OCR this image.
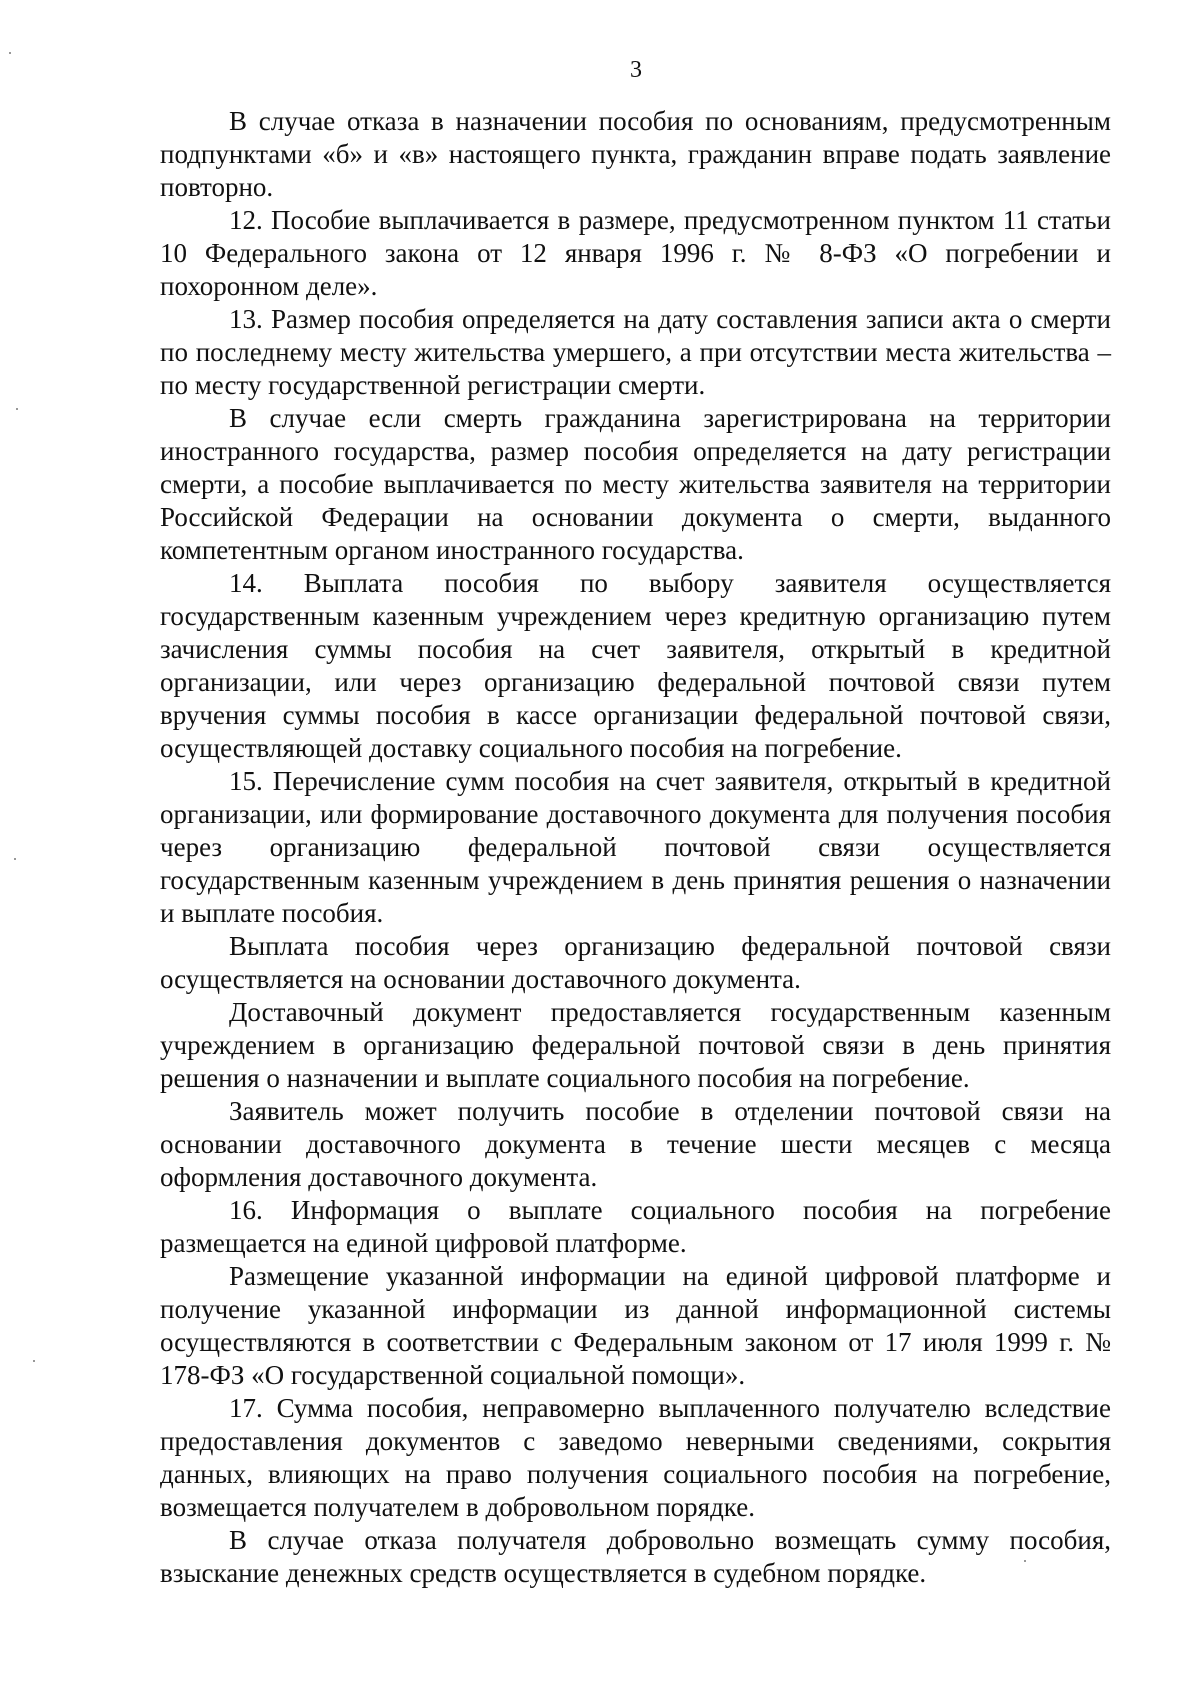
3

В случае отказа в назначении пособия по основаниям, предусмотренным подпунктами «б» и «в» настоящего пункта, гражданин вправе подать заявление повторно.

12. Пособие выплачивается в размере, предусмотренном пунктом 11 статьи 10 Федерального закона от 12 января 1996 г. № 8-ФЗ «О погребении и похоронном деле».

13. Размер пособия определяется на дату составления записи акта о смерти по последнему месту жительства умершего, а при отсутствии места жительства – по месту государственной регистрации смерти.

В случае если смерть гражданина зарегистрирована на территории иностранного государства, размер пособия определяется на дату регистрации смерти, а пособие выплачивается по месту жительства заявителя на территории Российской Федерации на основании документа о смерти, выданного компетентным органом иностранного государства.

14. Выплата пособия по выбору заявителя осуществляется государственным казенным учреждением через кредитную организацию путем зачисления суммы пособия на счет заявителя, открытый в кредитной организации, или через организацию федеральной почтовой связи путем вручения суммы пособия в кассе организации федеральной почтовой связи, осуществляющей доставку социального пособия на погребение.

15. Перечисление сумм пособия на счет заявителя, открытый в кредитной организации, или формирование доставочного документа для получения пособия через организацию федеральной почтовой связи осуществляется государственным казенным учреждением в день принятия решения о назначении и выплате пособия.

Выплата пособия через организацию федеральной почтовой связи осуществляется на основании доставочного документа.

Доставочный документ предоставляется государственным казенным учреждением в организацию федеральной почтовой связи в день принятия решения о назначении и выплате социального пособия на погребение.

Заявитель может получить пособие в отделении почтовой связи на основании доставочного документа в течение шести месяцев с месяца оформления доставочного документа.

16. Информация о выплате социального пособия на погребение размещается на единой цифровой платформе.

Размещение указанной информации на единой цифровой платформе и получение указанной информации из данной информационной системы осуществляются в соответствии с Федеральным законом от 17 июля 1999 г. № 178-ФЗ «О государственной социальной помощи».

17. Сумма пособия, неправомерно выплаченного получателю вследствие предоставления документов с заведомо неверными сведениями, сокрытия данных, влияющих на право получения социального пособия на погребение, возмещается получателем в добровольном порядке.

В случае отказа получателя добровольно возмещать сумму пособия, взыскание денежных средств осуществляется в судебном порядке.
